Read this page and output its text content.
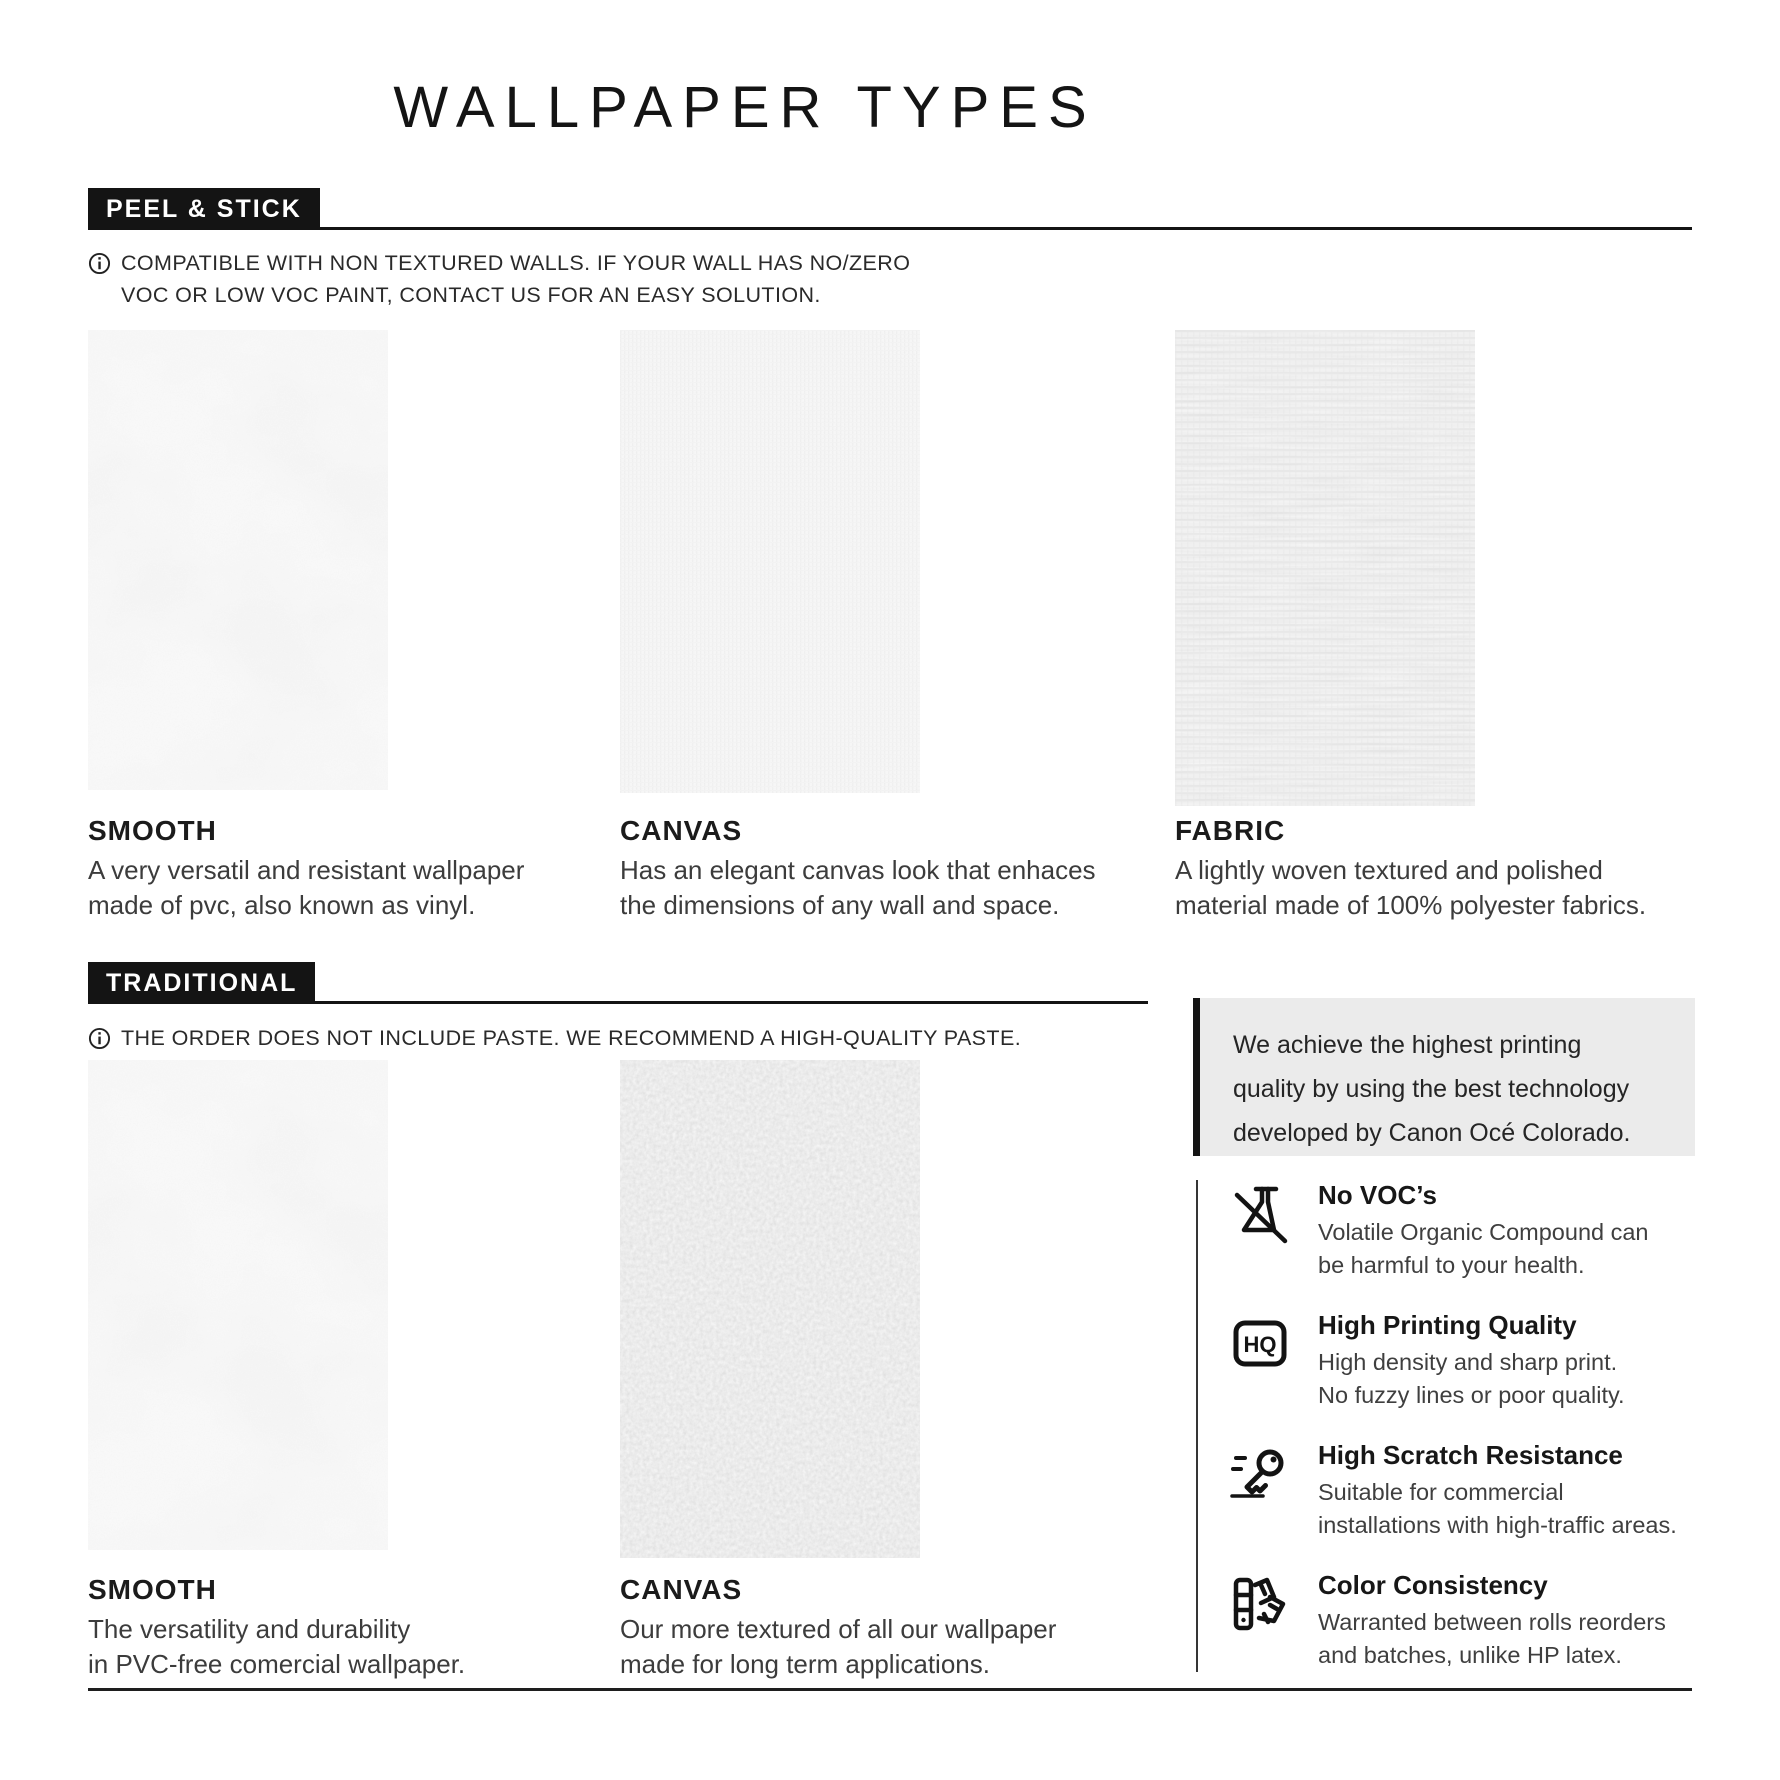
WALLPAPER TYPES
PEEL & STICK
COMPATIBLE WITH NON TEXTURED WALLS. IF YOUR WALL HAS NO/ZERO
VOC OR LOW VOC PAINT, CONTACT US FOR AN EASY SOLUTION.
SMOOTH

A very versatil and resistant wallpaper
made of pvc, also known as vinyl.

CANVAS

Has an elegant canvas look that enhaces
the dimensions of any wall and space.

FABRIC

A lightly woven textured and polished
material made of 100% polyester fabrics.

TRADITIONAL
THE ORDER DOES NOT INCLUDE PASTE. WE RECOMMEND A HIGH-QUALITY PASTE.
SMOOTH

The versatility and durability
in PVC-free comercial wallpaper.

CANVAS

Our more textured of all our wallpaper
made for long term applications.

We achieve the highest printing
quality by using the best technology
developed by Canon Océ Colorado.
No VOC’s

Volatile Organic Compound can
be harmful to your health.

HQ
High Printing Quality

High density and sharp print.
No fuzzy lines or poor quality.

High Scratch Resistance

Suitable for commercial
installations with high-traffic areas.

Color Consistency

Warranted between rolls reorders
and batches, unlike HP latex.
